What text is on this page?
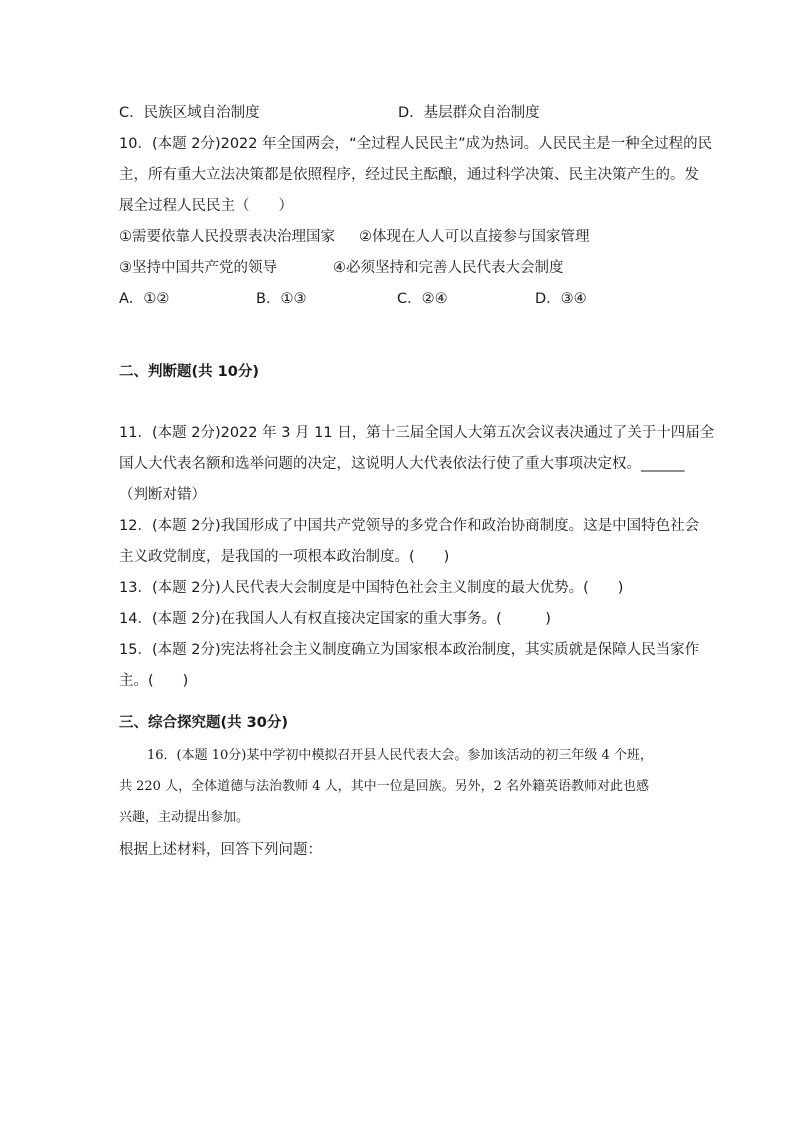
C．民族区域自治制度	D．基层群众自治制度
10．(本题 2分)2022 年全国两会，“全过程人民民主”成为热词。人民民主是一种全过程的民
主，所有重大立法决策都是依照程序，经过民主酝酿，通过科学决策、民主决策产生的。发
展全过程人民民主（　　）
①需要依靠人民投票表决治理国家 ②体现在人人可以直接参与国家管理
③坚持中国共产党的领导	④必须坚持和完善人民代表大会制度
A．①②	B．①③	C．②④	D．③④
二、判断题(共 10分)
11．(本题 2分)2022 年 3 月 11 日，第十三届全国人大第五次会议表决通过了关于十四届全
国人大代表名额和选举问题的决定，这说明人大代表依法行使了重大事项决定权。______
（判断对错）
12．(本题 2分)我国形成了中国共产党领导的多党合作和政治协商制度。这是中国特色社会
主义政党制度，是我国的一项根本政治制度。(　　)
13．(本题 2分)人民代表大会制度是中国特色社会主义制度的最大优势。(　　)
14．(本题 2分)在我国人人有权直接决定国家的重大事务。(　　　)
15．(本题 2分)宪法将社会主义制度确立为国家根本政治制度，其实质就是保障人民当家作
主。(　　)
三、综合探究题(共 30分)
16．(本题 10分)某中学初中模拟召开县人民代表大会。参加该活动的初三年级 4 个班，
共 220 人，全体道德与法治教师 4 人，其中一位是回族。另外，2 名外籍英语教师对此也感
兴趣，主动提出参加。
根据上述材料，回答下列问题：
